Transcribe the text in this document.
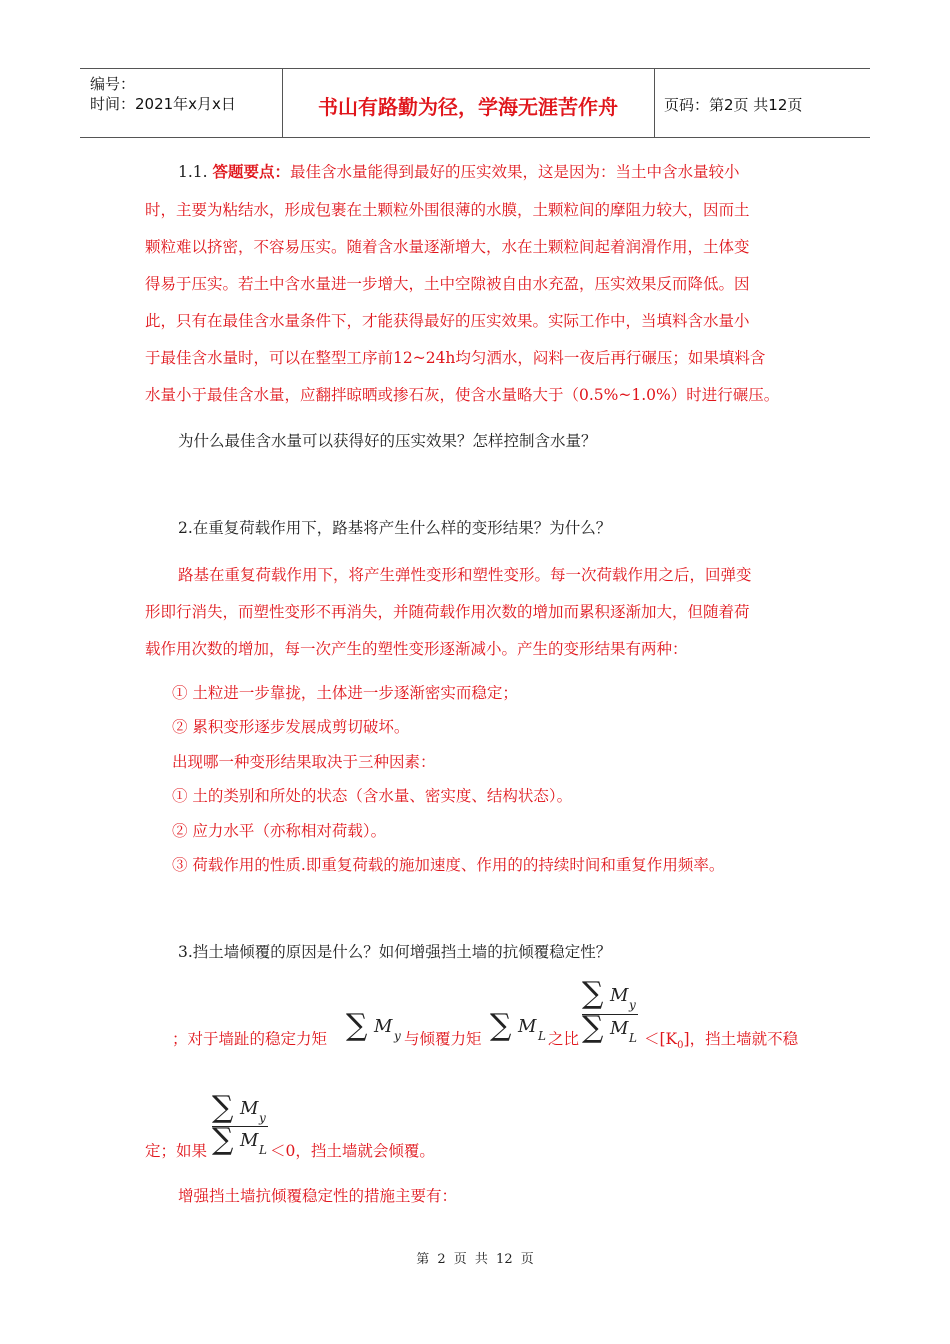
编号：
时间：2021年x月x日	书山有路勤为径，学海无涯苦作舟	页码：第2页 共12页
1.1. 答题要点：最佳含水量能得到最好的压实效果，这是因为：当土中含水量较小
时，主要为粘结水，形成包裹在土颗粒外围很薄的水膜，土颗粒间的摩阻力较大，因而土
颗粒难以挤密，不容易压实。随着含水量逐渐增大，水在土颗粒间起着润滑作用，土体变
得易于压实。若土中含水量进一步增大，土中空隙被自由水充盈，压实效果反而降低。因
此，只有在最佳含水量条件下，才能获得最好的压实效果。实际工作中，当填料含水量小
于最佳含水量时，可以在整型工序前12~24h均匀洒水，闷料一夜后再行碾压；如果填料含
水量小于最佳含水量，应翻拌晾晒或掺石灰，使含水量略大于（0.5%~1.0%）时进行碾压。
为什么最佳含水量可以获得好的压实效果？怎样控制含水量？
2.在重复荷载作用下，路基将产生什么样的变形结果？为什么？
路基在重复荷载作用下，将产生弹性变形和塑性变形。每一次荷载作用之后，回弹变
形即行消失，而塑性变形不再消失，并随荷载作用次数的增加而累积逐渐加大，但随着荷
载作用次数的增加，每一次产生的塑性变形逐渐减小。产生的变形结果有两种：
① 土粒进一步靠拢，土体进一步逐渐密实而稳定；
② 累积变形逐步发展成剪切破坏。
出现哪一种变形结果取决于三种因素：
① 土的类别和所处的状态（含水量、密实度、结构状态）。
② 应力水平（亦称相对荷载）。
③ 荷载作用的性质.即重复荷载的施加速度、作用的的持续时间和重复作用频率。
3.挡土墙倾覆的原因是什么？如何增强挡土墙的抗倾覆稳定性？
；对于墙趾的稳定力矩 ∑ M y 与倾覆力矩 ∑ M L 之比
∑ M y
∑ M $L <[K_0]$，挡土墙就不稳
定；如果
∑ M y
∑ M L ＜0，挡土墙就会倾覆。
增强挡土墙抗倾覆稳定性的措施主要有：
第 2 页 共 12 页
